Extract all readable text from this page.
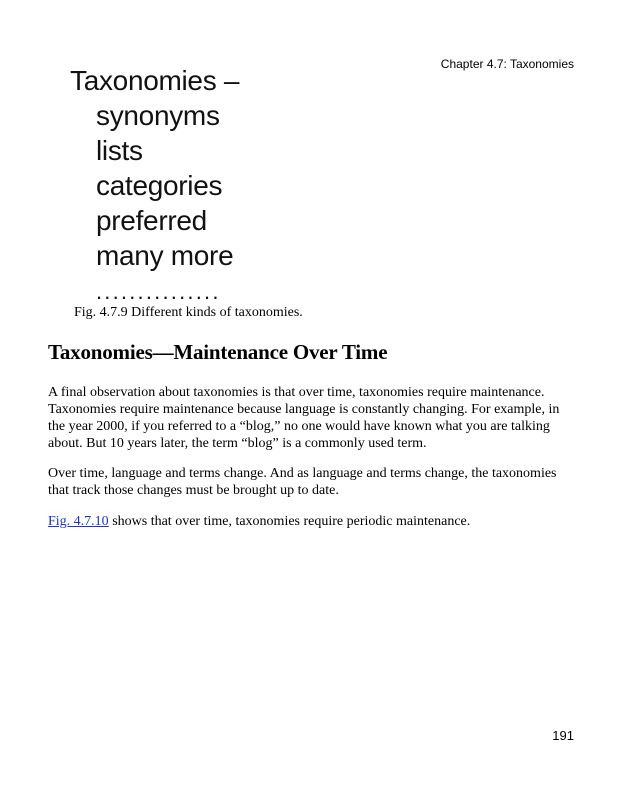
Chapter 4.7: Taxonomies
Taxonomies –
synonyms
lists
categories
preferred
many more
...............
Fig. 4.7.9 Different kinds of taxonomies.
Taxonomies—Maintenance Over Time

A final observation about taxonomies is that over time, taxonomies require maintenance. Taxonomies require maintenance because language is constantly changing. For example, in the year 2000, if you referred to a “blog,” no one would have known what you are talking about. But 10 years later, the term “blog” is a commonly used term.

Over time, language and terms change. And as language and terms change, the taxonomies that track those changes must be brought up to date.

Fig. 4.7.10 shows that over time, taxonomies require periodic maintenance.

191
